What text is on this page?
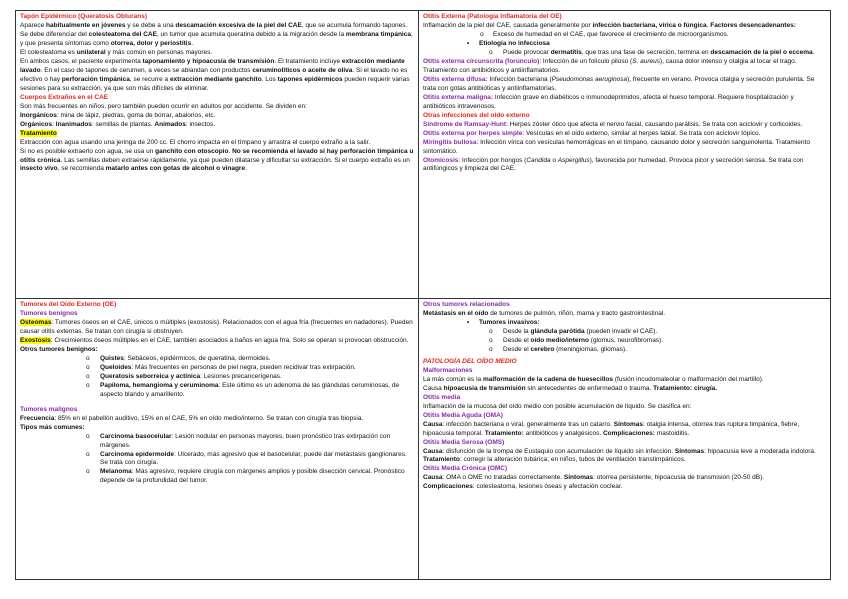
Tapón Epidérmico (Queratosis Obturans)

Aparece habitualmente en jóvenes y se debe a una descamación excesiva de la piel del CAE, que se acumula formando tapones. Se debe diferenciar del colesteatoma del CAE, un tumor que acumula queratina debido a la migración desde la membrana timpánica, y que presenta síntomas como otorrea, dolor y periostitis.

El colesteatoma es unilateral y más común en personas mayores.

En ambos casos, el paciente experimenta taponamiento y hipoacusia de transmisión. El tratamiento incluye extracción mediante lavado. En el caso de tapones de cerumen, a veces se ablandan con productos ceruminolíticos o aceite de oliva. Si el lavado no es efectivo o hay perforación timpánica, se recurre a extracción mediante ganchito. Los tapones epidérmicos pueden requerir varias sesiones para su extracción, ya que son más difíciles de eliminar.

Cuerpos Extraños en el CAE

Son más frecuentes en niños, pero también pueden ocurrir en adultos por accidente. Se dividen en:

Inorgánicos: mina de lápiz, piedras, goma de borrar, abalorios, etc.

Orgánicos: Inanimados: semillas de plantas. Animados: insectos.

Tratamiento

Extracción con agua usando una jeringa de 200 cc. El chorro impacta en el tímpano y arrastra el cuerpo extraño a la salir.

Si no es posible extraerlo con agua, se usa un ganchito con otoscopio. No se recomienda el lavado si hay perforación timpánica u otitis crónica. Las semillas deben extraerse rápidamente, ya que pueden dilatarse y dificultar su extracción. Si el cuerpo extraño es un insecto vivo, se recomienda matarlo antes con gotas de alcohol o vinagre.

Otitis Externa (Patología Inflamatoria del OE)

Inflamación de la piel del CAE, causada generalmente por infección bacteriana, vírica o fúngica. Factores desencadenantes:

o Exceso de humedad en el CAE, que favorece el crecimiento de microorganismos.
• Etiología no infecciosa
o Puede provocar dermatitis, que tras una fase de secreción, termina en descamación de la piel o eccema.

Otitis externa circunscrita (forúnculo): Infección de un folículo piloso (S. aureus), causa dolor intenso y otalgia al tocar el trago. Tratamiento con antibióticos y antiinflamatorios.

Otitis externa difusa: Infección bacteriana (Pseudomonas aeruginosa), frecuente en verano. Provoca otalgia y secreción purulenta. Se trata con gotas antibióticas y antiinflamatorias.

Otitis externa maligna: Infección grave en diabéticos o inmunodeprimidos, afecta el hueso temporal. Requiere hospitalización y antibióticos intravenosos.

Otras infecciones del oído externo

Síndrome de Ramsay-Hunt: Herpes zóster ótico que afecta el nervio facial, causando parálisis. Se trata con aciclovir y corticoides.

Otitis externa por herpes simple: Vesículas en el oído externo, similar al herpes labial. Se trata con aciclovir tópico.

Miringitis bullosa: Infección vírica con vesículas hemorrágicas en el tímpano, causando dolor y secreción sanguinolenta. Tratamiento sintomático.

Otomicosis: Infección por hongos (Candida o Aspergillus), favorecida por humedad. Provoca picor y secreción serosa. Se trata con antifúngicos y limpieza del CAE.

Tumores del Oído Externo (OE)

Tumores benignos

Osteomas: Tumores óseos en el CAE, únicos o múltiples (exostosis). Relacionados con el agua fría (frecuentes en nadadores). Pueden causar otitis externas. Se tratan con cirugía si obstruyen.

Exostosis: Crecimientos óseos múltiples en el CAE, también asociados a baños en agua fría. Solo se operan si provocan obstrucción.

Otros tumores benignos:

o Quistes: Sebáceos, epidérmicos, de queratina, dermoides.
o Queloides: Más frecuentes en personas de piel negra, pueden recidivar tras extirpación.
o Queratosis seborreica y actínica: Lesiones precancerígenas.
o Papiloma, hemangioma y ceruminoma: Este último es un adenoma de las glándulas ceruminosas, de aspecto blando y amarillento.

Tumores malignos

Frecuencia: 85% en el pabellón auditivo, 15% en el CAE, 5% en oído medio/interno. Se tratan con cirugía tras biopsia.

Tipos más comunes:

o Carcinoma basocelular: Lesión nodular en personas mayores, buen pronóstico tras extirpación con márgenes.
o Carcinoma epidermoide: Ulcerado, más agresivo que el basocelular, puede dar metástasis ganglionares. Se trata con cirugía.
o Melanoma: Más agresivo, requiere cirugía con márgenes amplios y posible disección cervical. Pronóstico depende de la profundidad del tumor.

Otros tumores relacionados

Metástasis en el oído de tumores de pulmón, riñón, mama y tracto gastrointestinal.

• Tumores invasivos:
o Desde la glándula parótida (pueden invadir el CAE).
o Desde el oído medio/interno (glomus, neurofibromas).
o Desde el cerebro (meningiomas, gliomas).

PATOLOGÍA DEL OÍDO MEDIO

Malformaciones

La más común es la malformación de la cadena de huesecillos (fusión incudomaleolar o malformación del martillo).

Causa hipoacusia de transmisión sin antecedentes de enfermedad o trauma. Tratamiento: cirugía.

Otitis media

Inflamación de la mucosa del oído medio con posible acumulación de líquido. Se clasifica en:

Otitis Media Aguda (OMA)

Causa: infección bacteriana o viral, generalmente tras un catarro. Síntomas: otalgia intensa, otorrea tras ruptura timpánica, fiebre, hipoacusia temporal. Tratamiento: antibióticos y analgésicos. Complicaciones: mastoiditis.

Otitis Media Serosa (OMS)

Causa: disfunción de la trompa de Eustaquio con acumulación de líquido sin infección. Síntomas: hipoacusia leve a moderada indolora. Tratamiento: corregir la alteración tubárica; en niños, tubos de ventilación transtimpánicos.

Otitis Media Crónica (OMC)

Causa: OMA o OME no tratadas correctamente. Síntomas: otorrea persistente, hipoacusia de transmisión (20-50 dB).

Complicaciones: colesteatoma, lesiones óseas y afectación coclear.
